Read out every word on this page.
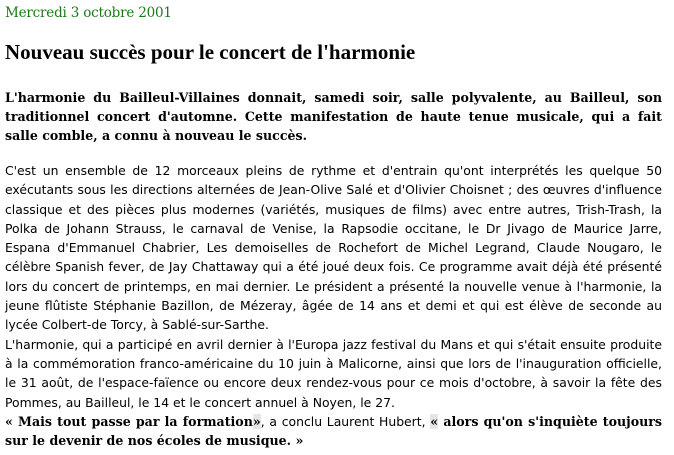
Mercredi 3 octobre 2001
Nouveau succès pour le concert de l'harmonie
L'harmonie du Bailleul-Villaines donnait, samedi soir, salle polyvalente, au Bailleul, son traditionnel concert d'automne. Cette manifestation de haute tenue musicale, qui a fait salle comble, a connu à nouveau le succès.

C'est un ensemble de 12 morceaux pleins de rythme et d'entrain qu'ont interprétés les quelque 50 exécutants sous les directions alternées de Jean-Olive Salé et d'Olivier Choisnet ; des œuvres d'influence classique et des pièces plus modernes (variétés, musiques de films) avec entre autres, Trish-Trash, la Polka de Johann Strauss, le carnaval de Venise, la Rapsodie occitane, le Dr Jivago de Maurice Jarre, Espana d'Emmanuel Chabrier, Les demoiselles de Rochefort de Michel Legrand, Claude Nougaro, le célèbre Spanish fever, de Jay Chattaway qui a été joué deux fois. Ce programme avait déjà été présenté lors du concert de printemps, en mai dernier. Le président a présenté la nouvelle venue à l'harmonie, la jeune flûtiste Stéphanie Bazillon, de Mézeray, âgée de 14 ans et demi et qui est élève de seconde au lycée Colbert-de Torcy, à Sablé-sur-Sarthe.

L'harmonie, qui a participé en avril dernier à l'Europa jazz festival du Mans et qui s'était ensuite produite à la commémoration franco-américaine du 10 juin à Malicorne, ainsi que lors de l'inauguration officielle, le 31 août, de l'espace-faïence ou encore deux rendez-vous pour ce mois d'octobre, à savoir la fête des Pommes, au Bailleul, le 14 et le concert annuel à Noyen, le 27.

« Mais tout passe par la formation», a conclu Laurent Hubert, « alors qu'on s'inquiète toujours sur le devenir de nos écoles de musique. »
